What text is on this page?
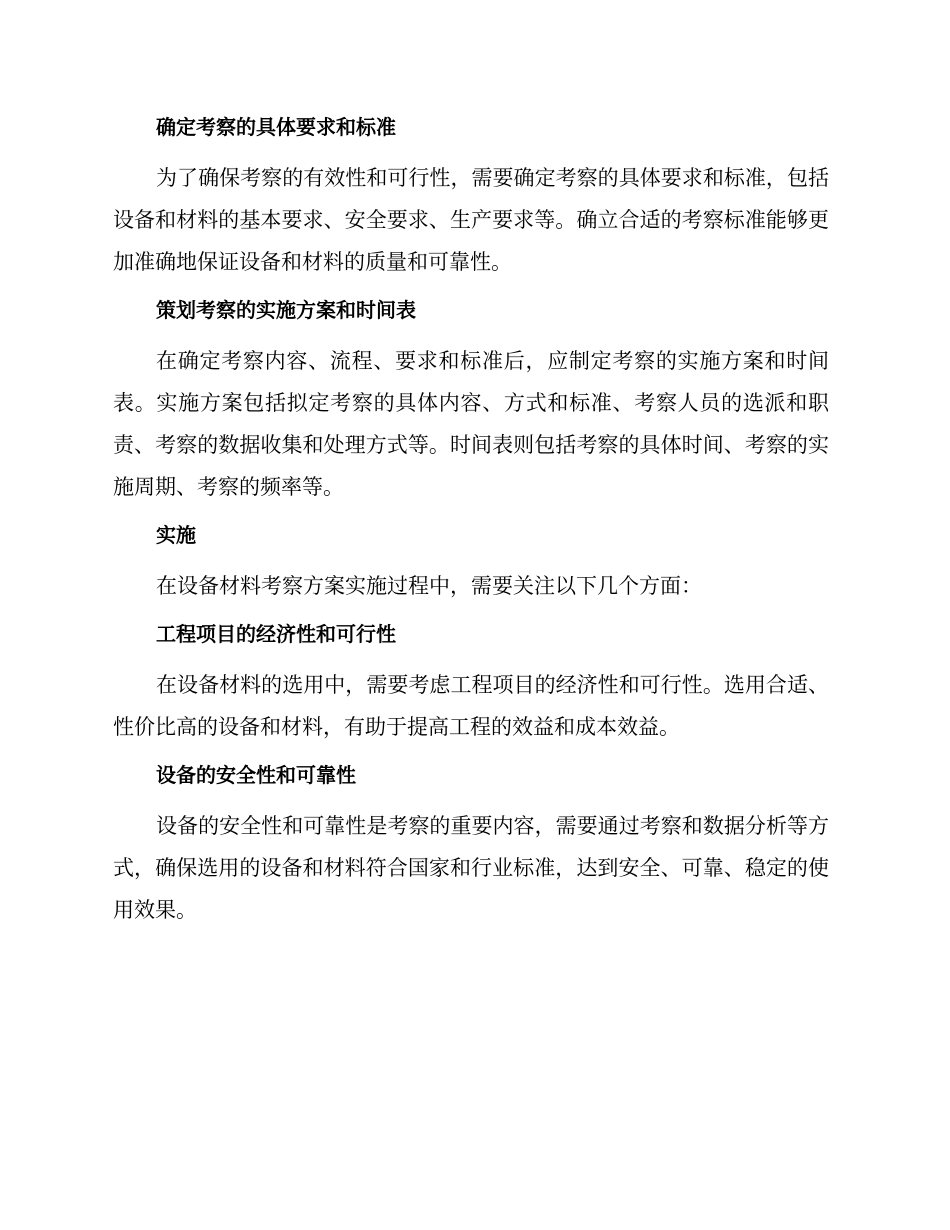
确定考察的具体要求和标准

为了确保考察的有效性和可行性，需要确定考察的具体要求和标准，包括设备和材料的基本要求、安全要求、生产要求等。确立合适的考察标准能够更加准确地保证设备和材料的质量和可靠性。

策划考察的实施方案和时间表

在确定考察内容、流程、要求和标准后，应制定考察的实施方案和时间表。实施方案包括拟定考察的具体内容、方式和标准、考察人员的选派和职责、考察的数据收集和处理方式等。时间表则包括考察的具体时间、考察的实施周期、考察的频率等。

实施

在设备材料考察方案实施过程中，需要关注以下几个方面：

工程项目的经济性和可行性

在设备材料的选用中，需要考虑工程项目的经济性和可行性。选用合适、性价比高的设备和材料，有助于提高工程的效益和成本效益。

设备的安全性和可靠性

设备的安全性和可靠性是考察的重要内容，需要通过考察和数据分析等方式，确保选用的设备和材料符合国家和行业标准，达到安全、可靠、稳定的使用效果。
